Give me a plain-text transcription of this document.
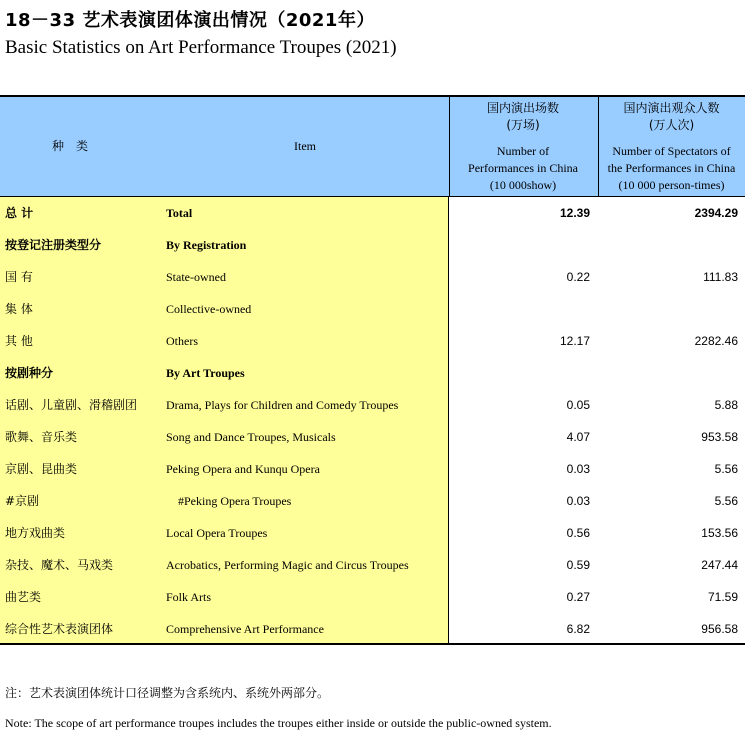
18－33 艺术表演团体演出情况（2021年）
Basic Statistics on Art Performance Troupes (2021)
种　类	Item
国内演出场数
(万场)
Number of
Performances in China
(10 000show)
国内演出观众人数
(万人次)
Number of Spectators of
the Performances in China
(10 000 person-times)
总 计	Total	12.39	2394.29
按登记注册类型分	By Registration
国 有	State-owned	0.22	111.83
集 体	Collective-owned
其 他	Others	12.17	2282.46
按剧种分	By Art Troupes
话剧、儿童剧、滑稽剧团 Drama, Plays for Children and Comedy Troupes	0.05	5.88
歌舞、音乐类	Song and Dance Troupes, Musicals	4.07	953.58
京剧、昆曲类	Peking Opera and Kunqu Opera	0.03	5.56
#京剧	#Peking Opera Troupes	0.03	5.56
地方戏曲类	Local Opera Troupes	0.56	153.56
杂技、魔术、马戏类	Acrobatics, Performing Magic and Circus Troupes	0.59	247.44
曲艺类	Folk Arts	0.27	71.59
综合性艺术表演团体	Comprehensive Art Performance	6.82	956.58
注：艺术表演团体统计口径调整为含系统内、系统外两部分。
Note: The scope of art performance troupes includes the troupes either inside or outside the public-owned system.
